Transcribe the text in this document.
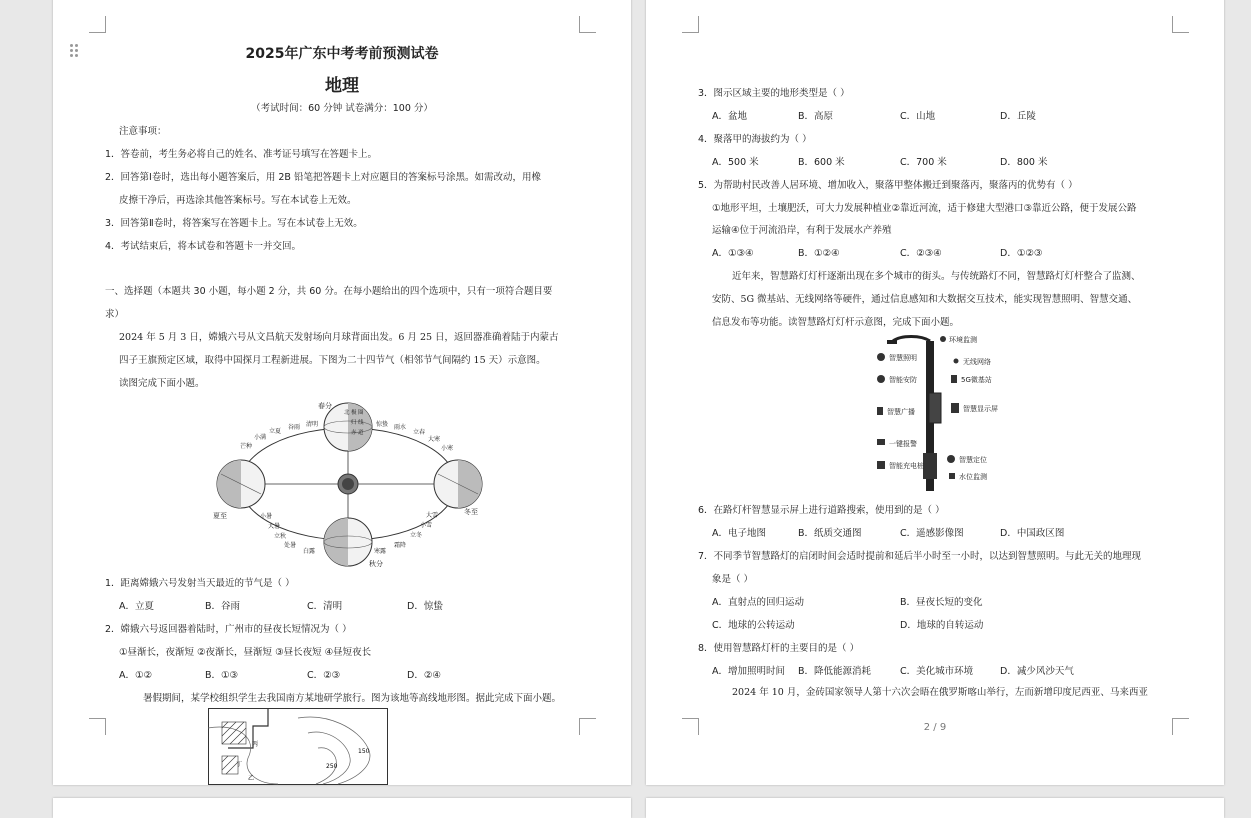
2025年广东中考考前预测试卷
地理
（考试时间：60 分钟 试卷满分：100 分）
注意事项：
1．答卷前，考生务必将自己的姓名、准考证号填写在答题卡上。
2．回答第Ⅰ卷时，选出每小题答案后，用 2B 铅笔把答题卡上对应题目的答案标号涂黑。如需改动，用橡
皮擦干净后，再选涂其他答案标号。写在本试卷上无效。
3．回答第Ⅱ卷时，将答案写在答题卡上。写在本试卷上无效。
4．考试结束后，将本试卷和答题卡一并交回。
一、选择题（本题共 30 小题，每小题 2 分，共 60 分。在每小题给出的四个选项中，只有一项符合题目要
求）
2024 年 5 月 3 日，嫦娥六号从文昌航天发射场向月球背面出发。6 月 25 日，返回器准确着陆于内蒙古
四子王旗预定区域，取得中国探月工程新进展。下图为二十四节气（相邻节气间隔约 15 天）示意图。
读图完成下面小题。
春分
夏至	冬至
秋分
清明
谷雨
立夏
小满
芒种
惊蛰 雨水
立春
大寒
小寒
小暑
大暑
立秋
处暑
白露	寒露
霜降
立冬
小雪
大雪
北 极 圈
归 线
赤 道
1．距离嫦娥六号发射当天最近的节气是（ ）
A．立夏	B．谷雨	C．清明	D．惊蛰
2．嫦娥六号返回器着陆时，广州市的昼夜长短情况为（ ）
①昼渐长，夜渐短 ②夜渐长，昼渐短 ③昼长夜短 ④昼短夜长
A．①②	B．①③	C．②③	D．②④
暑假期间，某学校组织学生去我国南方某地研学旅行。图为该地等高线地形图。据此完成下面小题。
丙
丁
乙
250
150
3．图示区域主要的地形类型是（ ）
A．盆地	B．高原	C．山地	D．丘陵
4．聚落甲的海拔约为（ ）
A．500 米	B．600 米	C．700 米	D．800 米
5．为帮助村民改善人居环境、增加收入，聚落甲整体搬迁到聚落丙，聚落丙的优势有（ ）
①地形平坦，土壤肥沃，可大力发展种植业②靠近河流，适于修建大型港口③靠近公路，便于发展公路
运输④位于河流沿岸，有利于发展水产养殖
A．①③④	B．①②④	C．②③④	D．①②③
近年来，智慧路灯灯杆逐渐出现在多个城市的街头。与传统路灯不同，智慧路灯灯杆整合了监测、
安防、5G 微基站、无线网络等硬件，通过信息感知和大数据交互技术，能实现智慧照明、智慧交通、
信息发布等功能。读智慧路灯灯杆示意图，完成下面小题。
环境监测
智慧照明	无线网络
智能安防	5G微基站
智慧广播	智慧显示屏
一键报警
智慧定位
智能充电桩
水位监测
6．在路灯杆智慧显示屏上进行道路搜索，使用到的是（ ）
A．电子地图	B．纸质交通图	C．遥感影像图	D．中国政区图
7．不同季节智慧路灯的启闭时间会适时提前和延后半小时至一小时，以达到智慧照明。与此无关的地理现
象是（ ）
A．直射点的回归运动	B．昼夜长短的变化
C．地球的公转运动	D．地球的自转运动
8．使用智慧路灯杆的主要目的是（ ）
A．增加照明时间 B．降低能源消耗	C．美化城市环境	D．减少风沙天气
2024 年 10 月，金砖国家领导人第十六次会晤在俄罗斯喀山举行，左而新增印度尼西亚、马来西亚
2 / 9
